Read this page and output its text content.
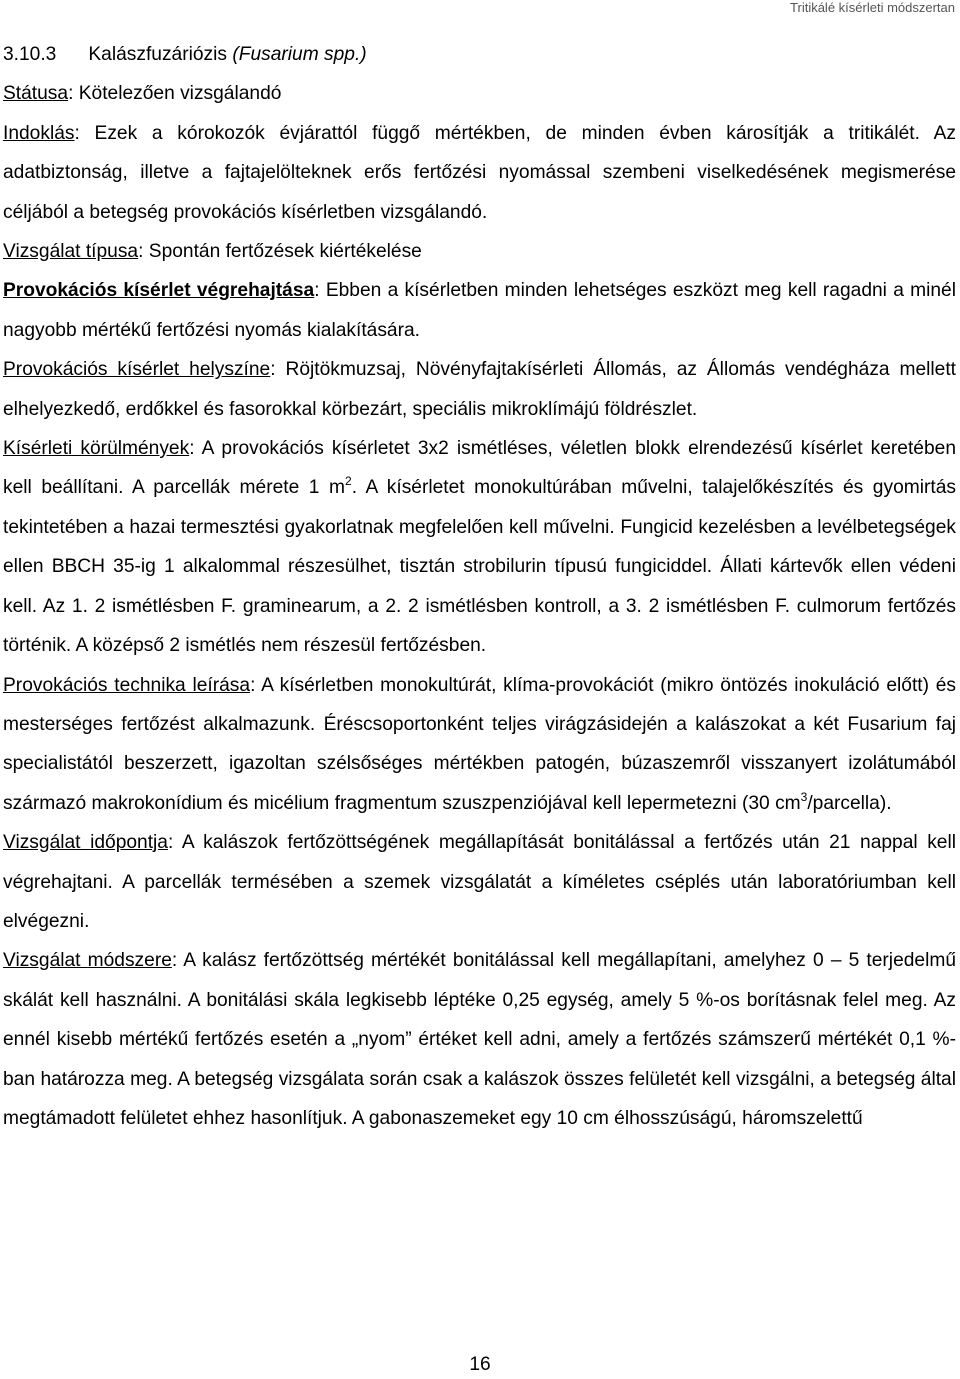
Tritikálé kísérleti módszertan
3.10.3 Kalászfuzáriózis (Fusarium spp.)

Státusa: Kötelezően vizsgálandó

Indoklás: Ezek a kórokozók évjárattól függő mértékben, de minden évben károsítják a tritikálét. Az adatbiztonság, illetve a fajtajelölteknek erős fertőzési nyomással szembeni viselkedésének megismerése céljából a betegség provokációs kísérletben vizsgálandó.

Vizsgálat típusa: Spontán fertőzések kiértékelése

Provokációs kísérlet végrehajtása: Ebben a kísérletben minden lehetséges eszközt meg kell ragadni a minél nagyobb mértékű fertőzési nyomás kialakítására.

Provokációs kísérlet helyszíne: Röjtökmuzsaj, Növényfajtakísérleti Állomás, az Állomás vendégháza mellett elhelyezkedő, erdőkkel és fasorokkal körbezárt, speciális mikroklímájú földrészlet.

Kísérleti körülmények: A provokációs kísérletet 3x2 ismétléses, véletlen blokk elrendezésű kísérlet keretében kell beállítani. A parcellák mérete 1 $m^2$. A kísérletet monokultúrában művelni, talajelőkészítés és gyomirtás tekintetében a hazai termesztési gyakorlatnak megfelelően kell művelni. Fungicid kezelésben a levélbetegségek ellen BBCH 35-ig 1 alkalommal részesülhet, tisztán strobilurin típusú fungiciddel. Állati kártevők ellen védeni kell. Az 1. 2 ismétlésben F. graminearum, a 2. 2 ismétlésben kontroll, a 3. 2 ismétlésben F. culmorum fertőzés történik. A középső 2 ismétlés nem részesül fertőzésben.

Provokációs technika leírása: A kísérletben monokultúrát, klíma-provokációt (mikro öntözés inokuláció előtt) és mesterséges fertőzést alkalmazunk. Éréscsoportonként teljes virágzásidején a kalászokat a két Fusarium faj specialistától beszerzett, igazoltan szélsőséges mértékben patogén, búzaszemről visszanyert izolátumából származó makrokonídium és micélium fragmentum szuszpenziójával kell lepermetezni (30 $cm^3/parcella$).

Vizsgálat időpontja: A kalászok fertőzöttségének megállapítását bonitálással a fertőzés után 21 nappal kell végrehajtani. A parcellák termésében a szemek vizsgálatát a kíméletes cséplés után laboratóriumban kell elvégezni.

Vizsgálat módszere: A kalász fertőzöttség mértékét bonitálással kell megállapítani, amelyhez 0 – 5 terjedelmű skálát kell használni. A bonitálási skála legkisebb léptéke 0,25 egység, amely 5 %-os borításnak felel meg. Az ennél kisebb mértékű fertőzés esetén a „nyom” értéket kell adni, amely a fertőzés számszerű mértékét 0,1 %-ban határozza meg. A betegség vizsgálata során csak a kalászok összes felületét kell vizsgálni, a betegség által megtámadott felületet ehhez hasonlítjuk. A gabonaszemeket egy 10 cm élhosszúságú, háromszelettű

16
